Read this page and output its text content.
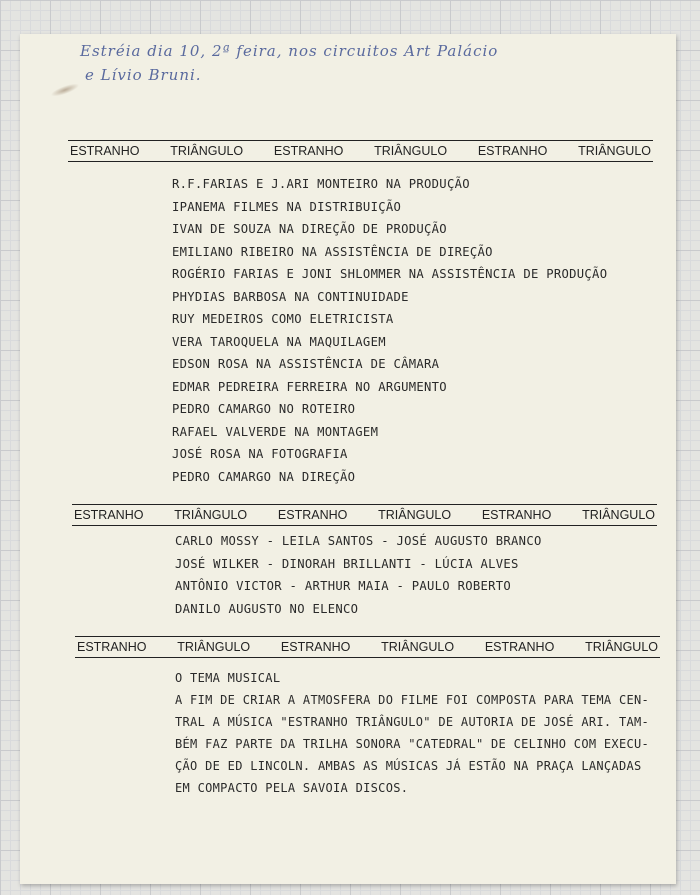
Estréia dia 10, 2ª feira, nos circuitos Art Palácio
e Lívio Bruni.
ESTRANHO TRIÂNGULO ESTRANHO TRIÂNGULO ESTRANHO TRIÂNGULO
R.F.FARIAS E J.ARI MONTEIRO NA PRODUÇÃO
IPANEMA FILMES NA DISTRIBUIÇÃO
IVAN DE SOUZA NA DIREÇÃO DE PRODUÇÃO
EMILIANO RIBEIRO NA ASSISTÊNCIA DE DIREÇÃO
ROGÉRIO FARIAS E JONI SHLOMMER NA ASSISTÊNCIA DE PRODUÇÃO
PHYDIAS BARBOSA NA CONTINUIDADE
RUY MEDEIROS COMO ELETRICISTA
VERA TAROQUELA NA MAQUILAGEM
EDSON ROSA NA ASSISTÊNCIA DE CÂMARA
EDMAR PEDREIRA FERREIRA NO ARGUMENTO
PEDRO CAMARGO NO ROTEIRO
RAFAEL VALVERDE NA MONTAGEM
JOSÉ ROSA NA FOTOGRAFIA
PEDRO CAMARGO NA DIREÇÃO
ESTRANHO TRIÂNGULO ESTRANHO TRIÂNGULO ESTRANHO TRIÂNGULO
CARLO MOSSY - LEILA SANTOS - JOSÉ AUGUSTO BRANCO
JOSÉ WILKER - DINORAH BRILLANTI - LÚCIA ALVES
ANTÔNIO VICTOR - ARTHUR MAIA - PAULO ROBERTO
DANILO AUGUSTO NO ELENCO
ESTRANHO TRIÂNGULO ESTRANHO TRIÂNGULO ESTRANHO TRIÂNGULO
O TEMA MUSICAL
A FIM DE CRIAR A ATMOSFERA DO FILME FOI COMPOSTA PARA TEMA CEN-
TRAL A MÚSICA "ESTRANHO TRIÂNGULO" DE AUTORIA DE JOSÉ ARI. TAM-
BÉM FAZ PARTE DA TRILHA SONORA "CATEDRAL" DE CELINHO COM EXECU-
ÇÃO DE ED LINCOLN. AMBAS AS MÚSICAS JÁ ESTÃO NA PRAÇA LANÇADAS
EM COMPACTO PELA SAVOIA DISCOS.
